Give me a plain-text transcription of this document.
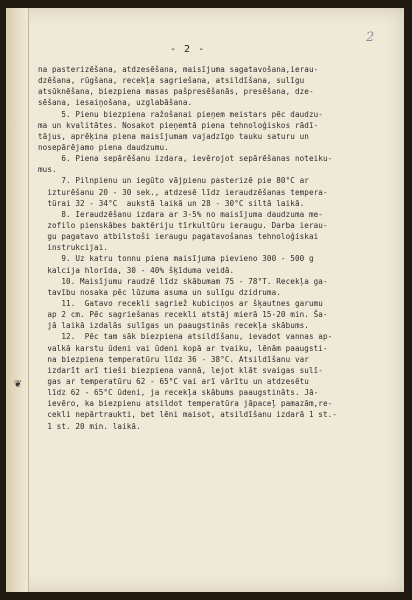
2
- 2 -
❦
na pasterizēšana, atdzesēšana, maisījuma sagatavošana,ierau-
dzēšana, rūgšana, recekļa sagriešana, atsildīšana, sulīgu
atsūknēšana, biezpiena masas pašpresēšanās, presēšana, dze-
sēšana, iesaiņošana, uzglabāšana.
5. Pienu biezpiena ražošanai pieņem meistars pēc daudzu-
ma un kvalitātes. Nosakot pieņemtā piena tehnoloģiskos rādī-
tājus, aprēķina piena maisījumam vajadzīgo tauku saturu un
nosepārējamo piena daudzumu.
6. Piena sepārēšanu izdara, ievērojot sepārēšanas noteiku-
mus.
7. Pilnpienu un iegūto vājpienu pasterizē pie 80°C ar
izturēšanu 20 - 30 sek., atdzesē līdz ieraudzēšanas tempera-
tūrai 32 - 34°C  aukstā laikā un 28 - 30°C siltā laikā.
8. Ieraudzēšanu izdara ar 3-5% no maisījuma daudzuma me-
zofilo pienskābes baktēriju tīrkultūru ieraugu. Darba ierau-
gu pagatavo atbilstoši ieraugu pagatavošanas tehnoloģiskai
instrukcijai.
9. Uz katru tonnu piena maisījuma pievieno 300 - 500 g
kalcija hlorīda, 30 - 40% šķīduma veidā.
10. Maisījumu raudzē līdz skābumam 75 - 78°T. Recekļa ga-
tavību nosaka pēc lūzuma asuma un sulīgu dzidruma.
11.  Gatavo recekli sagriež kubiciņos ar šķautnes garumu
ap 2 cm. Pēc sagriešanas recekli atstāj mierā 15-20 min. Ša-
jā laikā izdalās sulīgas un paaugstinās recekļa skābums.
12.  Pēc tam sāk biezpiena atsildīšanu, ievadot vannas ap-
valkā karstu ūdeni vai ūdeni kopā ar tvaiku, lēnām paaugsti-
na biezpiena temperatūru līdz 36 - 38°C. Atsildīšanu var
izdarīt arī tieši biezpiena vannā, lejot klāt svaigas sulī-
gas ar temperatūru 62 - 65°C vai arī vārītu un atdzesētu
līdz 62 - 65°C ūdeni, ja recekļa skābums paaugstināts. Jā-
ievēro, ka biezpienu atsildot temperatūra jāpaceļ pamazām,re-
cekli nepārtraukti, bet lēni maisot, atsildīšanu izdarā 1 st.-
1 st. 20 min. laikā.
